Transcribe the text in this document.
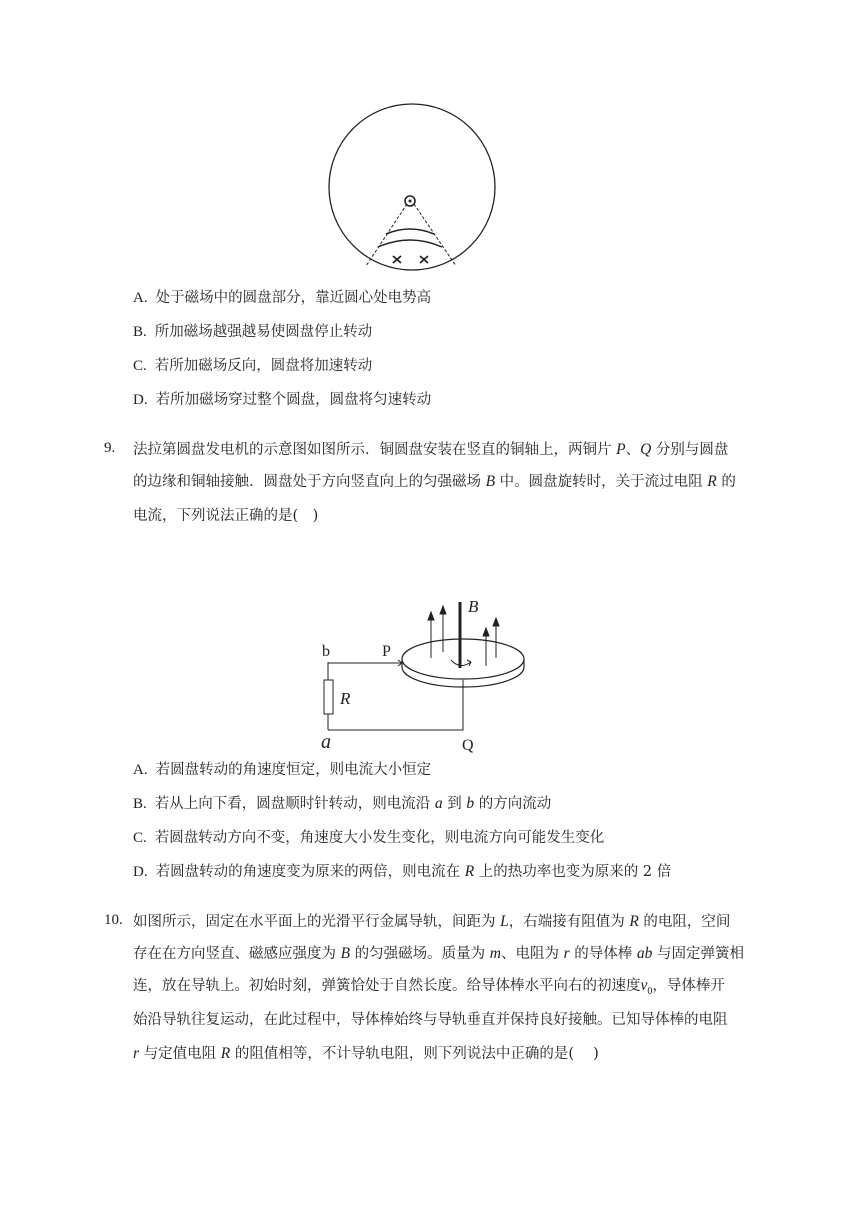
A. 处于磁场中的圆盘部分，靠近圆心处电势高
B. 所加磁场越强越易使圆盘停止转动
C. 若所加磁场反向，圆盘将加速转动
D. 若所加磁场穿过整个圆盘，圆盘将匀速转动
9. 法拉第圆盘发电机的示意图如图所示．铜圆盘安装在竖直的铜轴上，两铜片 P、Q 分别与圆盘
的边缘和铜轴接触．圆盘处于方向竖直向上的匀强磁场 B 中。圆盘旋转时，关于流过电阻 R 的
电流，下列说法正确的是(　)
B
b	P
R
a	Q
A. 若圆盘转动的角速度恒定，则电流大小恒定
B. 若从上向下看，圆盘顺时针转动，则电流沿 a 到 b 的方向流动
C. 若圆盘转动方向不变，角速度大小发生变化，则电流方向可能发生变化
D. 若圆盘转动的角速度变为原来的两倍，则电流在 R 上的热功率也变为原来的 2 倍
10. 如图所示，固定在水平面上的光滑平行金属导轨，间距为 L，右端接有阻值为 R 的电阻，空间
存在在方向竖直、磁感应强度为 B 的匀强磁场。质量为 m、电阻为 r 的导体棒 ab 与固定弹簧相
连，放在导轨上。初始时刻，弹簧恰处于自然长度。给导体棒水平向右的初速度$v_0$，导体棒开
始沿导轨往复运动，在此过程中，导体棒始终与导轨垂直并保持良好接触。已知导体棒的电阻
r 与定值电阻 R 的阻值相等，不计导轨电阻，则下列说法中正确的是(　 )
